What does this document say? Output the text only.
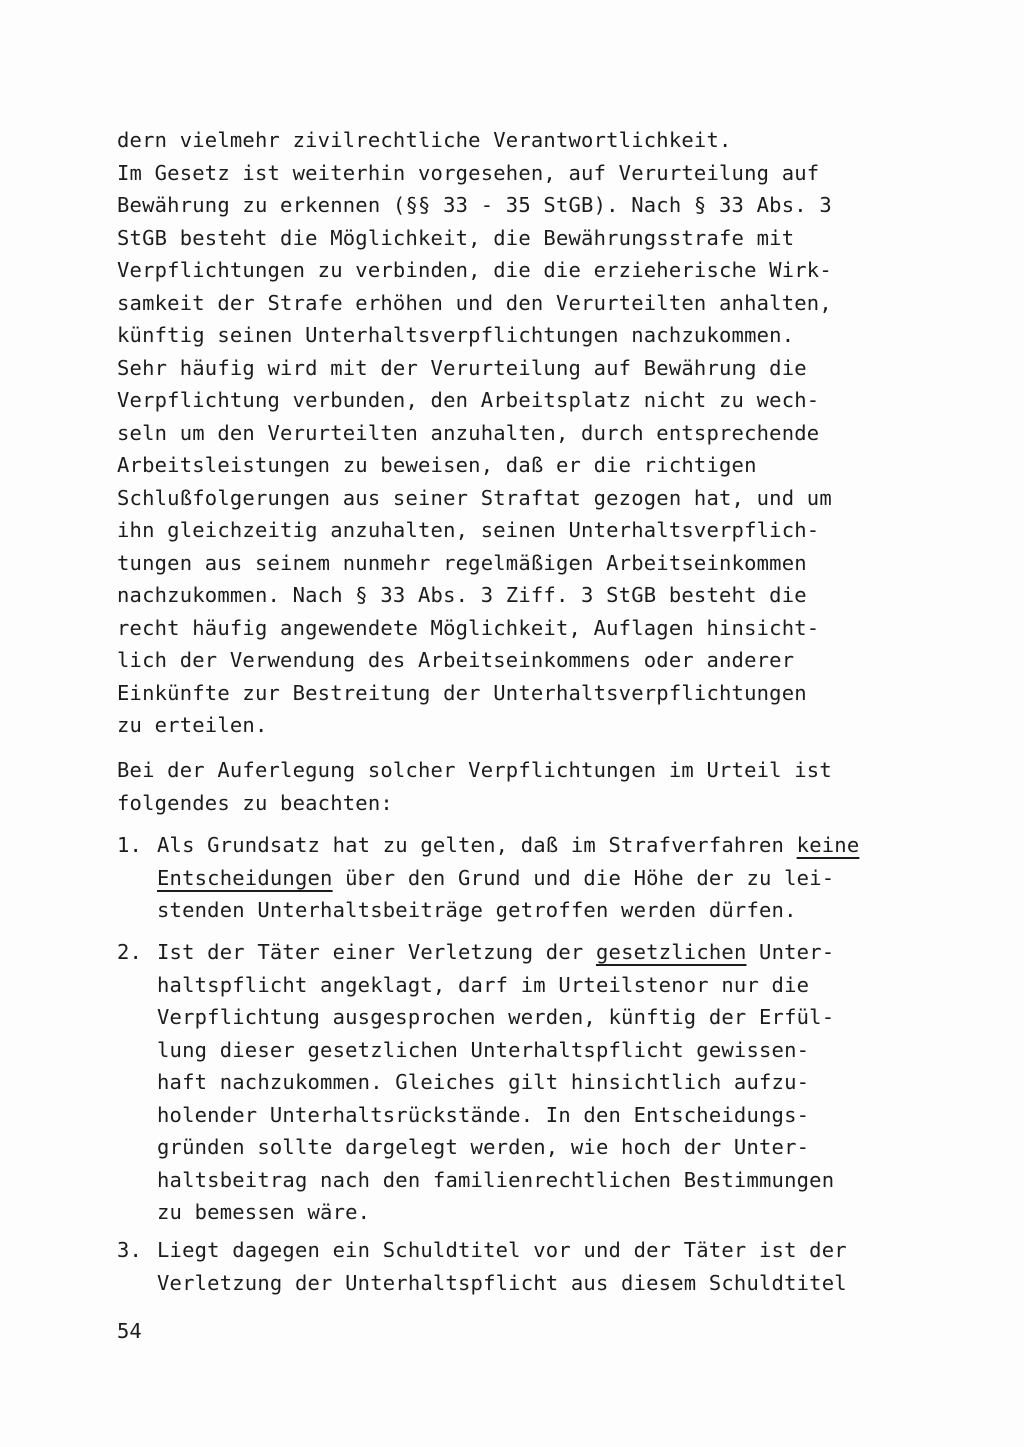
dern vielmehr zivilrechtliche Verantwortlichkeit.
Im Gesetz ist weiterhin vorgesehen, auf Verurteilung auf
Bewährung zu erkennen (§§ 33 - 35 StGB). Nach § 33 Abs. 3
StGB besteht die Möglichkeit, die Bewährungsstrafe mit
Verpflichtungen zu verbinden, die die erzieherische Wirk-
samkeit der Strafe erhöhen und den Verurteilten anhalten,
künftig seinen Unterhaltsverpflichtungen nachzukommen.
Sehr häufig wird mit der Verurteilung auf Bewährung die
Verpflichtung verbunden, den Arbeitsplatz nicht zu wech-
seln um den Verurteilten anzuhalten, durch entsprechende
Arbeitsleistungen zu beweisen, daß er die richtigen
Schlußfolgerungen aus seiner Straftat gezogen hat, und um
ihn gleichzeitig anzuhalten, seinen Unterhaltsverpflich-
tungen aus seinem nunmehr regelmäßigen Arbeitseinkommen
nachzukommen. Nach § 33 Abs. 3 Ziff. 3 StGB besteht die
recht häufig angewendete Möglichkeit, Auflagen hinsicht-
lich der Verwendung des Arbeitseinkommens oder anderer
Einkünfte zur Bestreitung der Unterhaltsverpflichtungen
zu erteilen.
Bei der Auferlegung solcher Verpflichtungen im Urteil ist
folgendes zu beachten:
1. Als Grundsatz hat zu gelten, daß im Strafverfahren keine
Entscheidungen über den Grund und die Höhe der zu lei-
stenden Unterhaltsbeiträge getroffen werden dürfen.
2. Ist der Täter einer Verletzung der gesetzlichen Unter-
haltspflicht angeklagt, darf im Urteilstenor nur die
Verpflichtung ausgesprochen werden, künftig der Erfül-
lung dieser gesetzlichen Unterhaltspflicht gewissen-
haft nachzukommen. Gleiches gilt hinsichtlich aufzu-
holender Unterhaltsrückstände. In den Entscheidungs-
gründen sollte dargelegt werden, wie hoch der Unter-
haltsbeitrag nach den familienrechtlichen Bestimmungen
zu bemessen wäre.
3. Liegt dagegen ein Schuldtitel vor und der Täter ist der
Verletzung der Unterhaltspflicht aus diesem Schuldtitel
54
